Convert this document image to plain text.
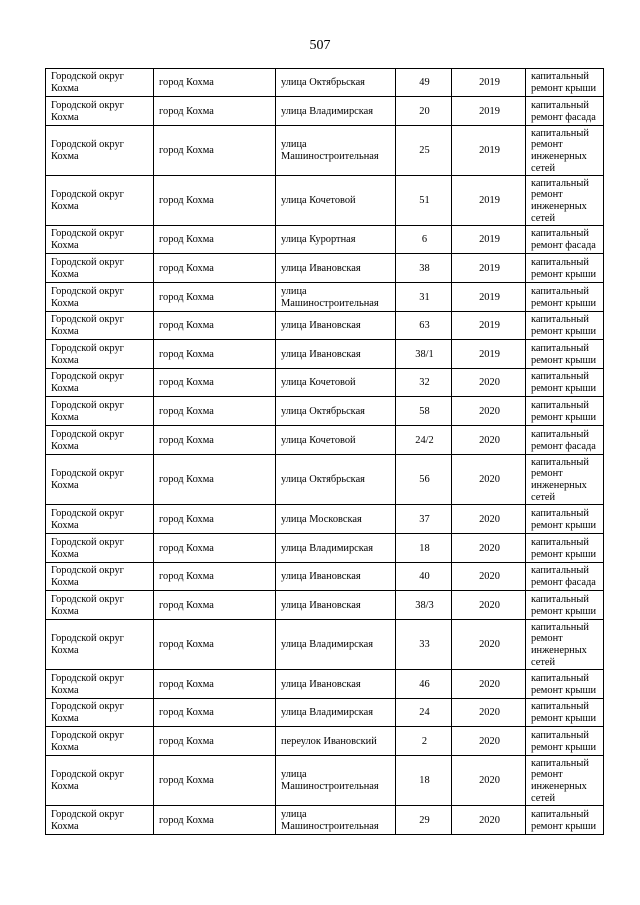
507
Городской округ Кохма	город Кохма	улица Октябрьская	49	2019	капитальный ремонт крыши
Городской округ Кохма	город Кохма	улица Владимирская	20	2019	капитальный ремонт фасада
Городской округ Кохма	город Кохма	улица Машиностроительная	25	2019	капитальный ремонт инженерных сетей
Городской округ Кохма	город Кохма	улица Кочетовой	51	2019	капитальный ремонт инженерных сетей
Городской округ Кохма	город Кохма	улица Курортная	6	2019	капитальный ремонт фасада
Городской округ Кохма	город Кохма	улица Ивановская	38	2019	капитальный ремонт крыши
Городской округ Кохма	город Кохма	улица Машиностроительная	31	2019	капитальный ремонт крыши
Городской округ Кохма	город Кохма	улица Ивановская	63	2019	капитальный ремонт крыши
Городской округ Кохма	город Кохма	улица Ивановская	38/1	2019	капитальный ремонт крыши
Городской округ Кохма	город Кохма	улица Кочетовой	32	2020	капитальный ремонт крыши
Городской округ Кохма	город Кохма	улица Октябрьская	58	2020	капитальный ремонт крыши
Городской округ Кохма	город Кохма	улица Кочетовой	24/2	2020	капитальный ремонт фасада
Городской округ Кохма	город Кохма	улица Октябрьская	56	2020	капитальный ремонт инженерных сетей
Городской округ Кохма	город Кохма	улица Московская	37	2020	капитальный ремонт крыши
Городской округ Кохма	город Кохма	улица Владимирская	18	2020	капитальный ремонт крыши
Городской округ Кохма	город Кохма	улица Ивановская	40	2020	капитальный ремонт фасада
Городской округ Кохма	город Кохма	улица Ивановская	38/3	2020	капитальный ремонт крыши
Городской округ Кохма	город Кохма	улица Владимирская	33	2020	капитальный ремонт инженерных сетей
Городской округ Кохма	город Кохма	улица Ивановская	46	2020	капитальный ремонт крыши
Городской округ Кохма	город Кохма	улица Владимирская	24	2020	капитальный ремонт крыши
Городской округ Кохма	город Кохма	переулок Ивановский	2	2020	капитальный ремонт крыши
Городской округ Кохма	город Кохма	улица Машиностроительная	18	2020	капитальный ремонт инженерных сетей
Городской округ Кохма	город Кохма	улица Машиностроительная	29	2020	капитальный ремонт крыши
